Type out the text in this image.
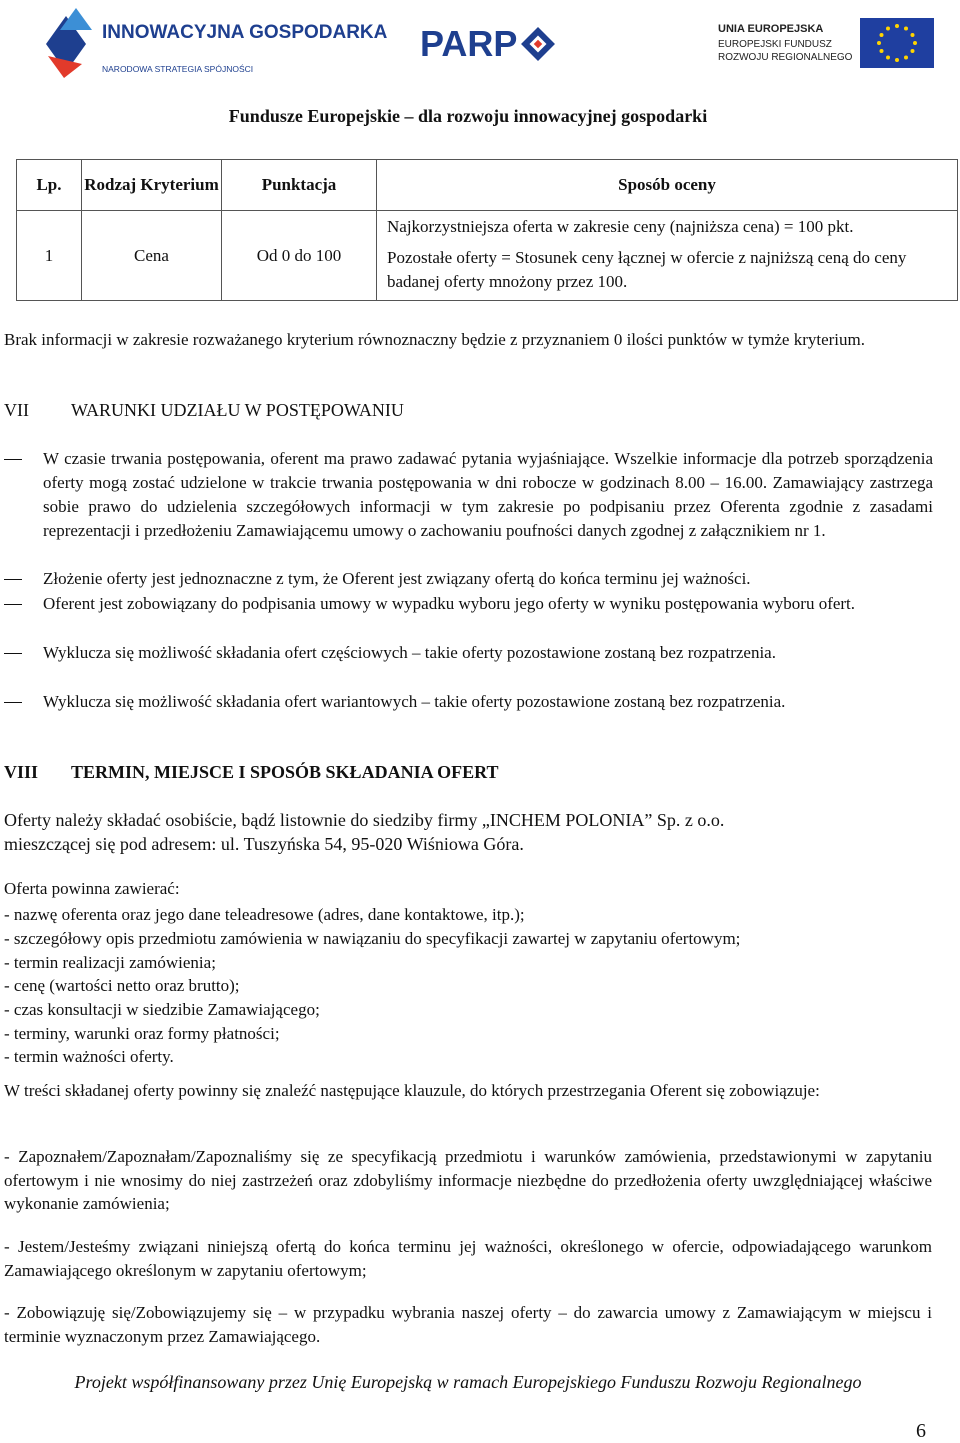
INNOWACYJNA GOSPODARKA
NARODOWA STRATEGIA SPÓJNOŚCI
PARP	UNIA EUROPEJSKA
EUROPEJSKI FUNDUSZ
ROZWOJU REGIONALNEGO
Fundusze Europejskie – dla rozwoju innowacyjnej gospodarki
Lp.	Rodzaj Kryterium	Punktacja	Sposób oceny
1	Cena	Od 0 do 100	Najkorzystniejsza oferta w zakresie ceny (najniższa cena) = 100 pkt.
Pozostałe oferty = Stosunek ceny łącznej w ofercie z najniższą ceną do ceny badanej oferty mnożony przez 100.
Brak informacji w zakresie rozważanego kryterium równoznaczny będzie z przyznaniem 0 ilości punktów w tymże kryterium.
VII WARUNKI UDZIAŁU W POSTĘPOWANIU
W czasie trwania postępowania, oferent ma prawo zadawać pytania wyjaśniające. Wszelkie informacje dla potrzeb sporządzenia oferty mogą zostać udzielone w trakcie trwania postępowania w dni robocze w godzinach 8.00 – 16.00. Zamawiający zastrzega sobie prawo do udzielenia szczegółowych informacji w tym zakresie po podpisaniu przez Oferenta zgodnie z zasadami reprezentacji i przedłożeniu Zamawiającemu umowy o zachowaniu poufności danych zgodnej z załącznikiem nr 1.
Złożenie oferty jest jednoznaczne z tym, że Oferent jest związany ofertą do końca terminu jej ważności.
Oferent jest zobowiązany do podpisania umowy w wypadku wyboru jego oferty w wyniku postępowania wyboru ofert.
Wyklucza się możliwość składania ofert częściowych – takie oferty pozostawione zostaną bez rozpatrzenia.
Wyklucza się możliwość składania ofert wariantowych – takie oferty pozostawione zostaną bez rozpatrzenia.
VIII TERMIN, MIEJSCE I SPOSÓB SKŁADANIA OFERT
Oferty należy składać osobiście, bądź listownie do siedziby firmy „INCHEM POLONIA” Sp. z o.o.
mieszczącej się pod adresem: ul. Tuszyńska 54, 95-020 Wiśniowa Góra.
Oferta powinna zawierać:
- nazwę oferenta oraz jego dane teleadresowe (adres, dane kontaktowe, itp.);
- szczegółowy opis przedmiotu zamówienia w nawiązaniu do specyfikacji zawartej w zapytaniu ofertowym;
- termin realizacji zamówienia;
- cenę (wartości netto oraz brutto);
- czas konsultacji w siedzibie Zamawiającego;
- terminy, warunki oraz formy płatności;
- termin ważności oferty.
W treści składanej oferty powinny się znaleźć następujące klauzule, do których przestrzegania Oferent się zobowiązuje:
- Zapoznałem/Zapoznałam/Zapoznaliśmy się ze specyfikacją przedmiotu i warunków zamówienia, przedstawionymi w zapytaniu ofertowym i nie wnosimy do niej zastrzeżeń oraz zdobyliśmy informacje niezbędne do przedłożenia oferty uwzględniającej właściwe wykonanie zamówienia;
- Jestem/Jesteśmy związani niniejszą ofertą do końca terminu jej ważności, określonego w ofercie, odpowiadającego warunkom Zamawiającego określonym w zapytaniu ofertowym;
- Zobowiązuję się/Zobowiązujemy się – w przypadku wybrania naszej oferty – do zawarcia umowy z Zamawiającym w miejscu i terminie wyznaczonym przez Zamawiającego.
Projekt współfinansowany przez Unię Europejską w ramach Europejskiego Funduszu Rozwoju Regionalnego
6
